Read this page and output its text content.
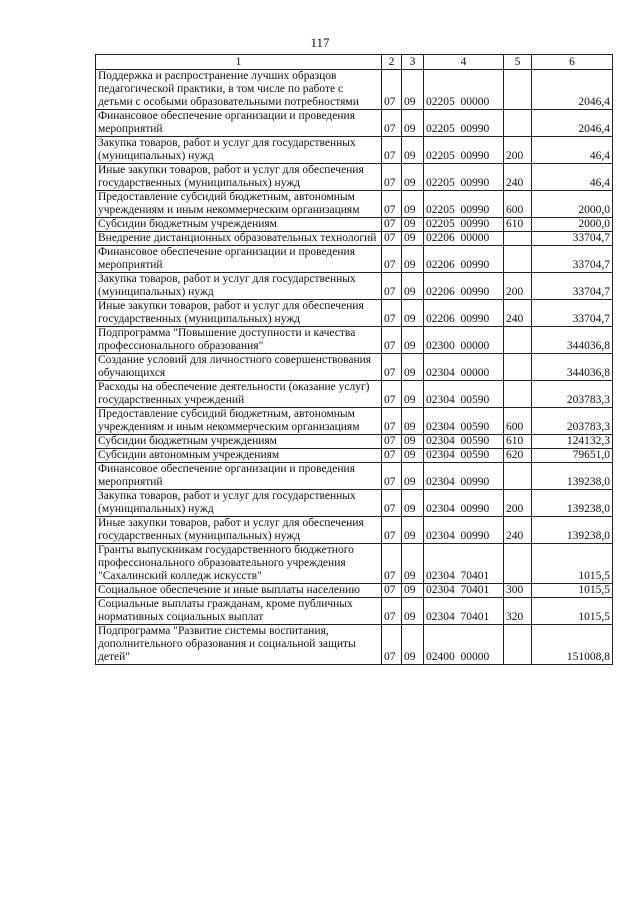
117
1	2	3	4	5	6
Поддержка и распространение лучших образцов педагогической практики, в том числе по работе с детьми с особыми образовательными потребностями	07	09	02205  00000		2046,4
Финансовое обеспечение организации и проведения мероприятий	07	09	02205  00990		2046,4
Закупка товаров, работ и услуг для государственных (муниципальных) нужд	07	09	02205  00990	200	46,4
Иные закупки товаров, работ и услуг для обеспечения государственных (муниципальных) нужд	07	09	02205  00990	240	46,4
Предоставление субсидий бюджетным, автономным учреждениям и иным некоммерческим организациям	07	09	02205  00990	600	2000,0
Субсидии бюджетным учреждениям	07	09	02205  00990	610	2000,0
Внедрение дистанционных образовательных технологий	07	09	02206  00000		33704,7
Финансовое обеспечение организации и проведения мероприятий	07	09	02206  00990		33704,7
Закупка товаров, работ и услуг для государственных (муниципальных) нужд	07	09	02206  00990	200	33704,7
Иные закупки товаров, работ и услуг для обеспечения государственных (муниципальных) нужд	07	09	02206  00990	240	33704,7
Подпрограмма "Повышение доступности и качества профессионального образования"	07	09	02300  00000		344036,8
Создание условий для личностного совершенствования обучающихся	07	09	02304  00000		344036,8
Расходы на обеспечение деятельности (оказание услуг) государственных учреждений	07	09	02304  00590		203783,3
Предоставление субсидий бюджетным, автономным учреждениям и иным некоммерческим организациям	07	09	02304  00590	600	203783,3
Субсидии бюджетным учреждениям	07	09	02304  00590	610	124132,3
Субсидии автономным учреждениям	07	09	02304  00590	620	79651,0
Финансовое обеспечение организации и проведения мероприятий	07	09	02304  00990		139238,0
Закупка товаров, работ и услуг для государственных (муниципальных) нужд	07	09	02304  00990	200	139238,0
Иные закупки товаров, работ и услуг для обеспечения государственных (муниципальных) нужд	07	09	02304  00990	240	139238,0
Гранты выпускникам государственного бюджетного профессионального образовательного учреждения "Сахалинский колледж искусств"	07	09	02304  70401		1015,5
Социальное обеспечение и иные выплаты населению	07	09	02304  70401	300	1015,5
Социальные выплаты гражданам, кроме публичных нормативных социальных выплат	07	09	02304  70401	320	1015,5
Подпрограмма "Развитие системы воспитания, дополнительного образования и социальной защиты детей"	07	09	02400  00000		151008,8
